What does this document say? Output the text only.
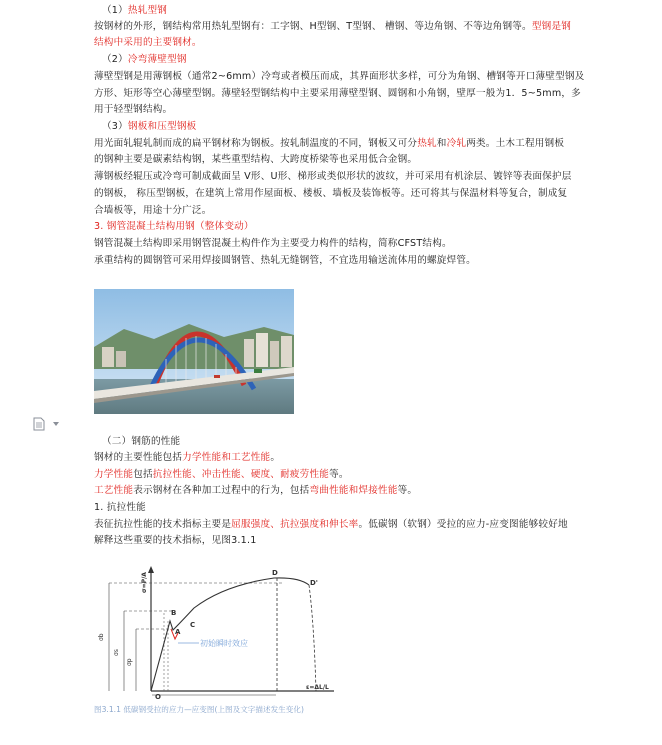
（1）热轧型钢
按钢材的外形，钢结构常用热轧型钢有：工字钢、H型钢、T型钢、 槽钢、等边角钢、不等边角钢等。型钢是钢
结构中采用的主要钢材。
（2）冷弯薄壁型钢
薄壁型钢是用薄钢板（通常2~6mm）冷弯或者模压而成，其界面形状多样，可分为角钢、槽钢等开口薄壁型钢及
方形、矩形等空心薄壁型钢。薄壁轻型钢结构中主要采用薄壁型钢、圆钢和小角钢，壁厚一般为1．5~5mm，多
用于轻型钢结构。
（3）钢板和压型钢板
用光面轧辊轧制而成的扁平钢材称为钢板。按轧制温度的不同，钢板又可分热轧和冷轧两类。土木工程用钢板
的钢种主要是碳素结构钢，某些重型结构、大跨度桥梁等也采用低合金钢。
薄钢板经辊压或冷弯可制成截面呈 V形、U形、梯形或类似形状的波纹，并可采用有机涂层、镀锌等表面保护层
的钢板， 称压型钢板，在建筑上常用作屋面板、楼板、墙板及装饰板等。还可将其与保温材料等复合，制成复
合墙板等，用途十分广泛。
3. 钢管混凝土结构用钢（整体变动）
钢管混凝土结构即采用钢管混凝土构件作为主要受力构件的结构，简称CFST结构。
承重结构的圆钢管可采用焊接圆钢管、热轧无缝钢管，不宜选用输送流体用的螺旋焊管。
（二）钢筋的性能
钢材的主要性能包括力学性能和工艺性能。
力学性能包括抗拉性能、冲击性能、硬度、耐疲劳性能等。
工艺性能表示钢材在各种加工过程中的行为，包括弯曲性能和焊接性能等。
1. 抗拉性能
表征抗拉性能的技术指标主要是屈服强度、抗拉强度和伸长率。低碳钢（软钢）受拉的应力-应变图能够较好地
解释这些重要的技术指标，见图3.1.1
σ=P/A
ε=ΔL/L
σb
σs
σp
O
A
B
C
D
D'
初始瞬时效应
图3.1.1 低碳钢受拉的应力—应变图(上图及文字描述发生变化)
